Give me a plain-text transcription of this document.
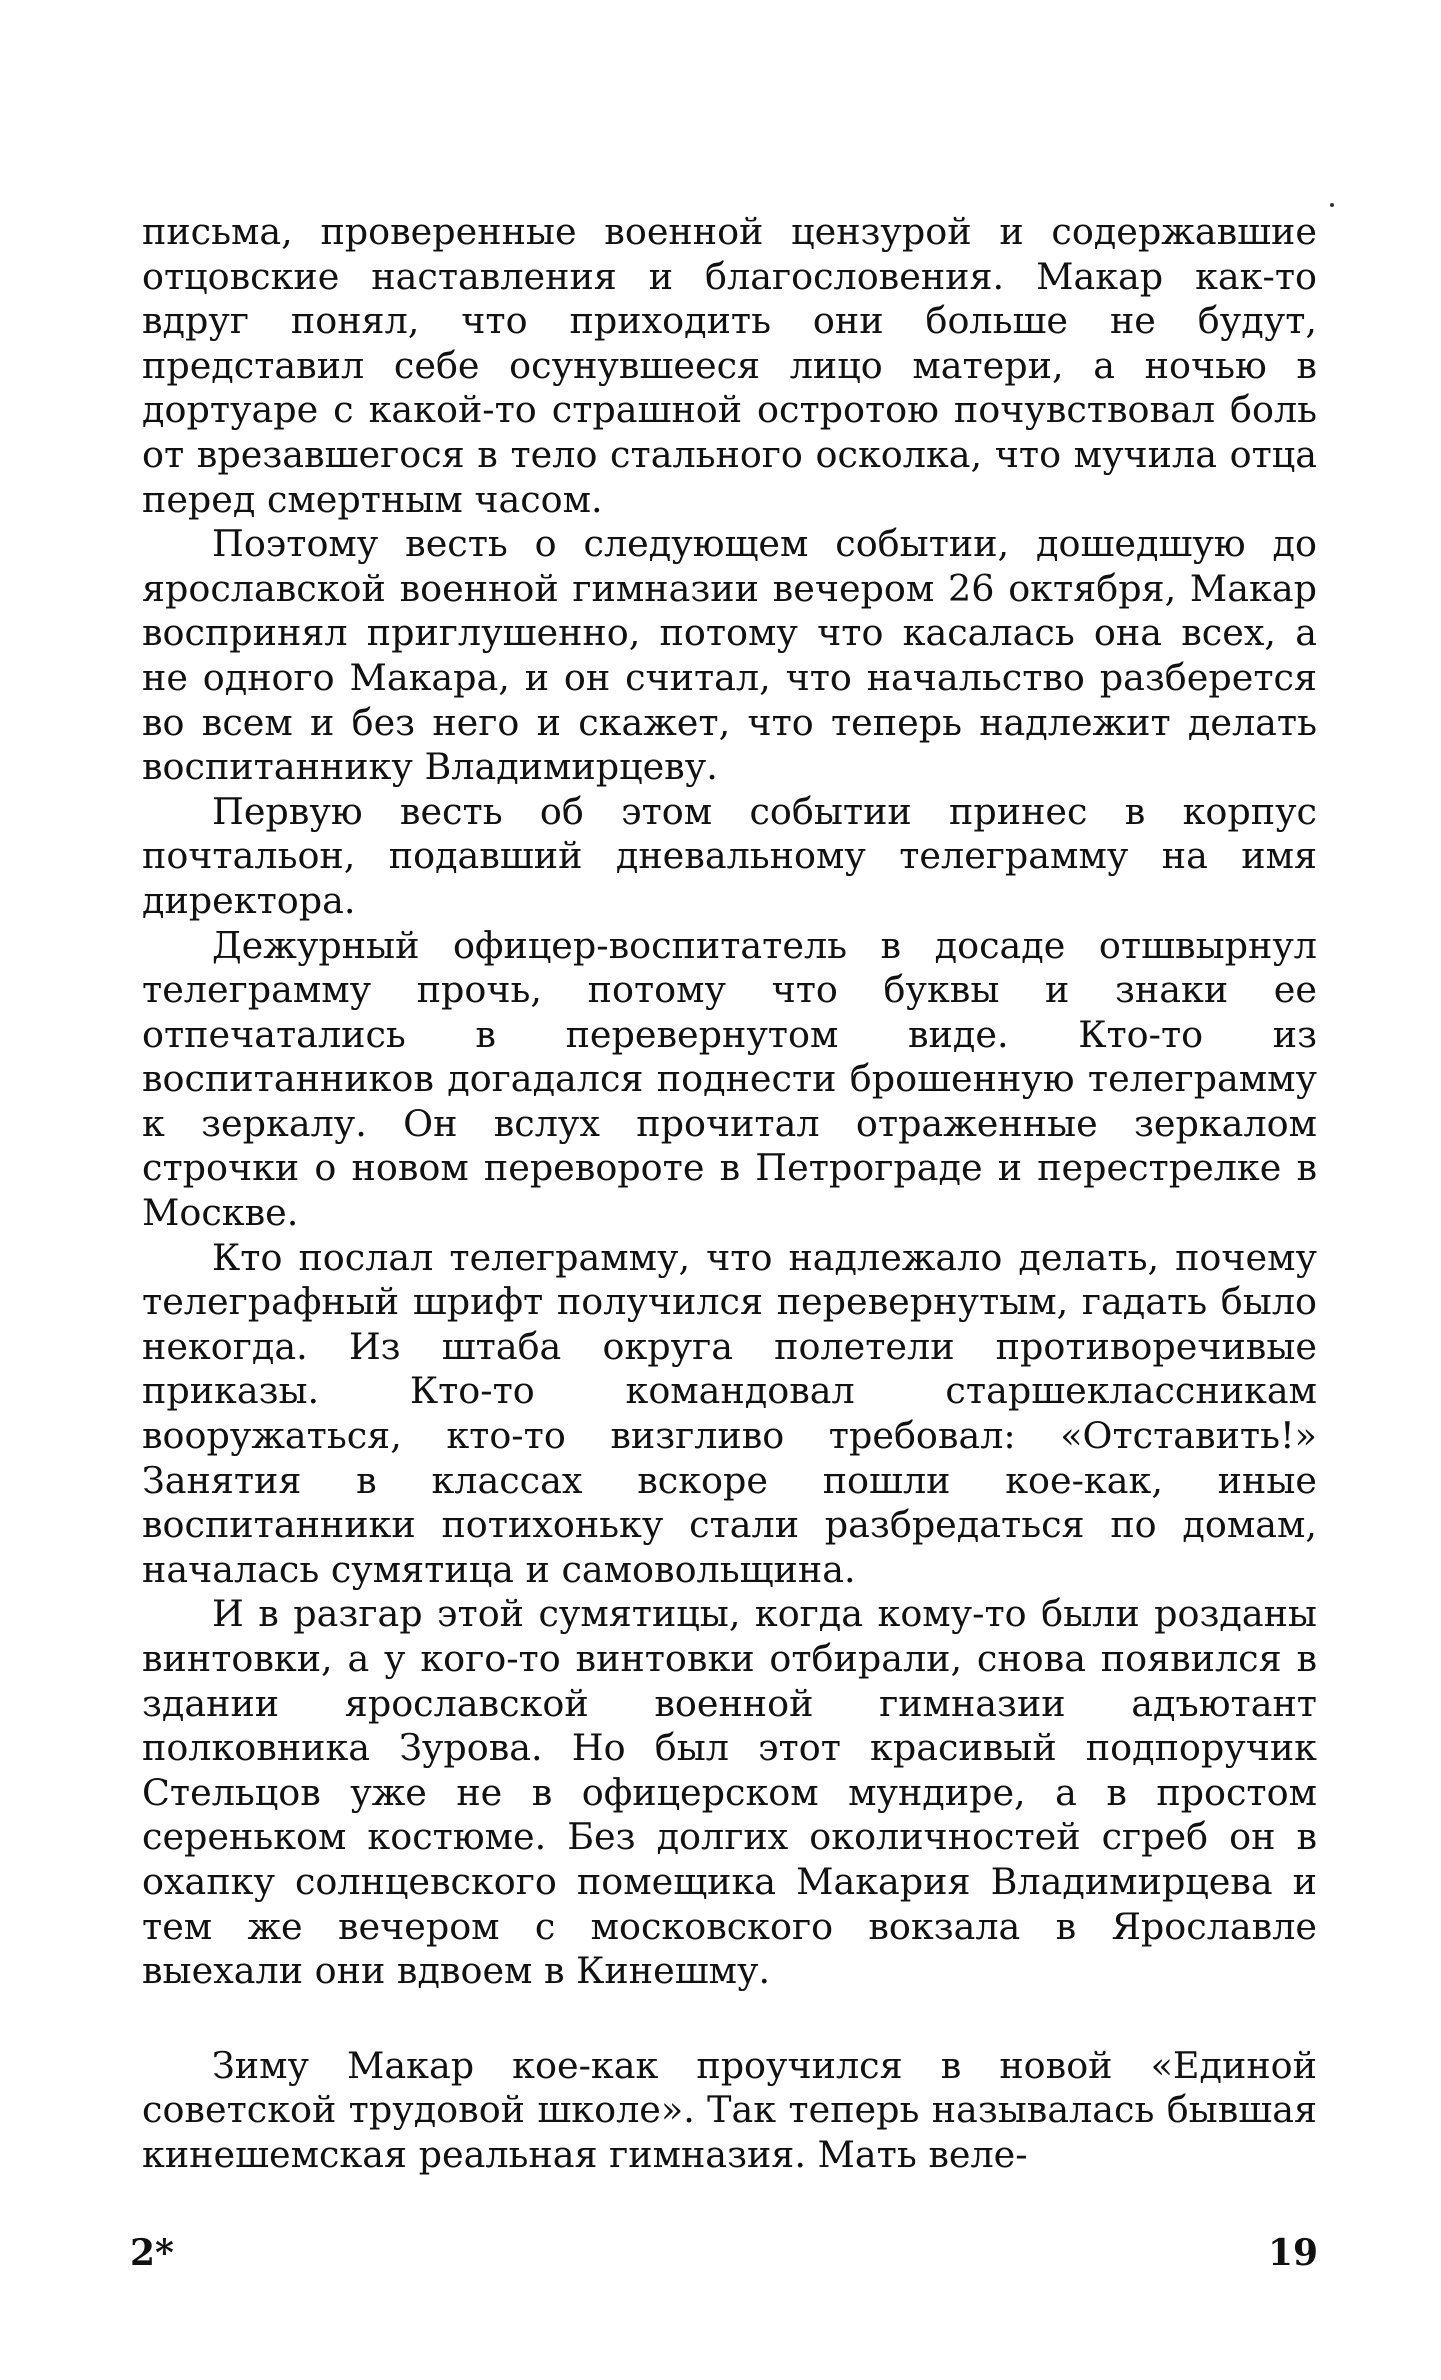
письма, проверенные военной цензурой и содержавшие отцовские наставления и благословения. Макар как-то вдруг понял, что приходить они больше не будут, представил себе осунувшееся лицо матери, а ночью в дортуаре с какой-то страшной остротою почувствовал боль от врезавшегося в тело стального осколка, что мучила отца перед смертным часом.

Поэтому весть о следующем событии, дошедшую до ярославской военной гимназии вечером 26 октября, Макар воспринял приглушенно, потому что касалась она всех, а не одного Макара, и он считал, что начальство разберется во всем и без него и скажет, что теперь надлежит делать воспитаннику Владимирцеву.

Первую весть об этом событии принес в корпус почтальон, подавший дневальному телеграмму на имя директора.

Дежурный офицер-воспитатель в досаде отшвырнул телеграмму прочь, потому что буквы и знаки ее отпечатались в перевернутом виде. Кто-то из воспитанников догадался поднести брошенную телеграмму к зеркалу. Он вслух прочитал отраженные зеркалом строчки о новом перевороте в Петрограде и перестрелке в Москве.

Кто послал телеграмму, что надлежало делать, почему телеграфный шрифт получился перевернутым, гадать было некогда. Из штаба округа полетели противоречивые приказы. Кто-то командовал старшеклассникам вооружаться, кто-то визгливо требовал: «Отставить!» Занятия в классах вскоре пошли кое-как, иные воспитанники потихоньку стали разбредаться по домам, началась сумятица и самовольщина.

И в разгар этой сумятицы, когда кому-то были розданы винтовки, а у кого-то винтовки отбирали, снова появился в здании ярославской военной гимназии адъютант полковника Зурова. Но был этот красивый подпоручик Стельцов уже не в офицерском мундире, а в простом сереньком костюме. Без долгих околичностей сгреб он в охапку солнцевского помещика Макария Владимирцева и тем же вечером с московского вокзала в Ярославле выехали они вдвоем в Кинешму.

Зиму Макар кое-как проучился в новой «Единой советской трудовой школе». Так теперь называлась бывшая кинешемская реальная гимназия. Мать веле-

2*	19
